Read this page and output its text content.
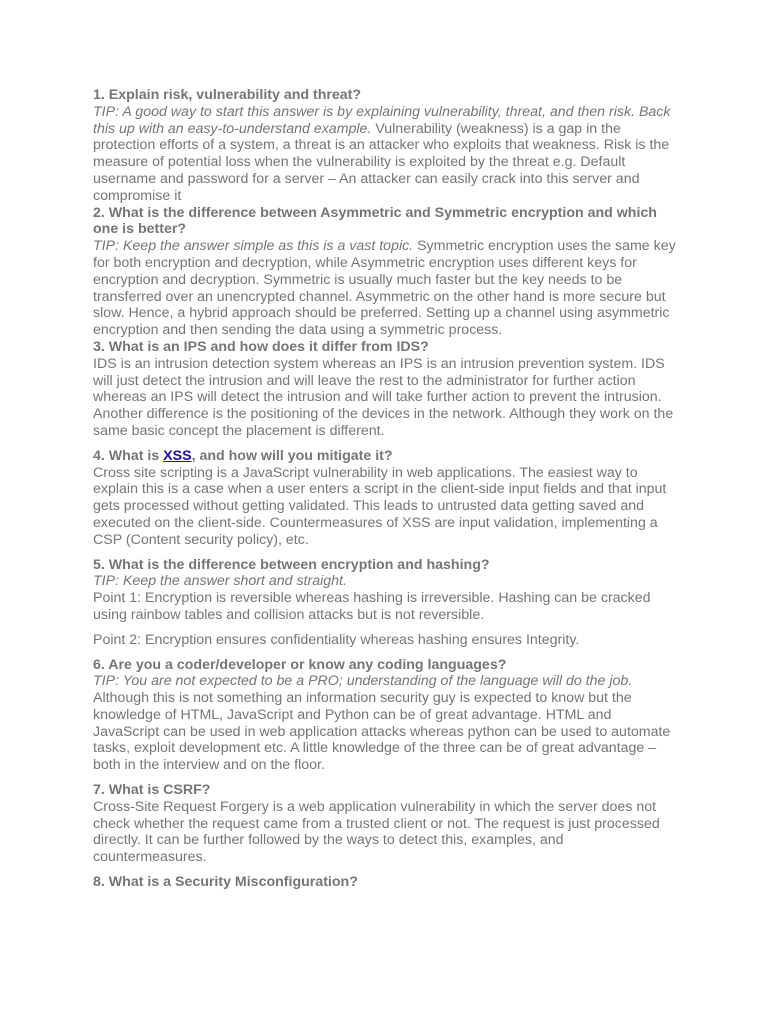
1. Explain risk, vulnerability and threat?

TIP: A good way to start this answer is by explaining vulnerability, threat, and then risk. Back this up with an easy-to-understand example. Vulnerability (weakness) is a gap in the protection efforts of a system, a threat is an attacker who exploits that weakness. Risk is the measure of potential loss when the vulnerability is exploited by the threat e.g. Default username and password for a server – An attacker can easily crack into this server and compromise it

2. What is the difference between Asymmetric and Symmetric encryption and which one is better?

TIP: Keep the answer simple as this is a vast topic. Symmetric encryption uses the same key for both encryption and decryption, while Asymmetric encryption uses different keys for encryption and decryption. Symmetric is usually much faster but the key needs to be transferred over an unencrypted channel. Asymmetric on the other hand is more secure but slow. Hence, a hybrid approach should be preferred. Setting up a channel using asymmetric encryption and then sending the data using a symmetric process.

3. What is an IPS and how does it differ from IDS?

IDS is an intrusion detection system whereas an IPS is an intrusion prevention system. IDS will just detect the intrusion and will leave the rest to the administrator for further action whereas an IPS will detect the intrusion and will take further action to prevent the intrusion. Another difference is the positioning of the devices in the network. Although they work on the same basic concept the placement is different.

4. What is XSS, and how will you mitigate it?

Cross site scripting is a JavaScript vulnerability in web applications. The easiest way to explain this is a case when a user enters a script in the client-side input fields and that input gets processed without getting validated. This leads to untrusted data getting saved and executed on the client-side. Countermeasures of XSS are input validation, implementing a CSP (Content security policy), etc.

5. What is the difference between encryption and hashing?

TIP: Keep the answer short and straight.

Point 1: Encryption is reversible whereas hashing is irreversible. Hashing can be cracked using rainbow tables and collision attacks but is not reversible.

Point 2: Encryption ensures confidentiality whereas hashing ensures Integrity.

6. Are you a coder/developer or know any coding languages?

TIP: You are not expected to be a PRO; understanding of the language will do the job.

Although this is not something an information security guy is expected to know but the knowledge of HTML, JavaScript and Python can be of great advantage. HTML and JavaScript can be used in web application attacks whereas python can be used to automate tasks, exploit development etc. A little knowledge of the three can be of great advantage – both in the interview and on the floor.

7. What is CSRF?

Cross-Site Request Forgery is a web application vulnerability in which the server does not check whether the request came from a trusted client or not. The request is just processed directly. It can be further followed by the ways to detect this, examples, and countermeasures.

8. What is a Security Misconfiguration?
